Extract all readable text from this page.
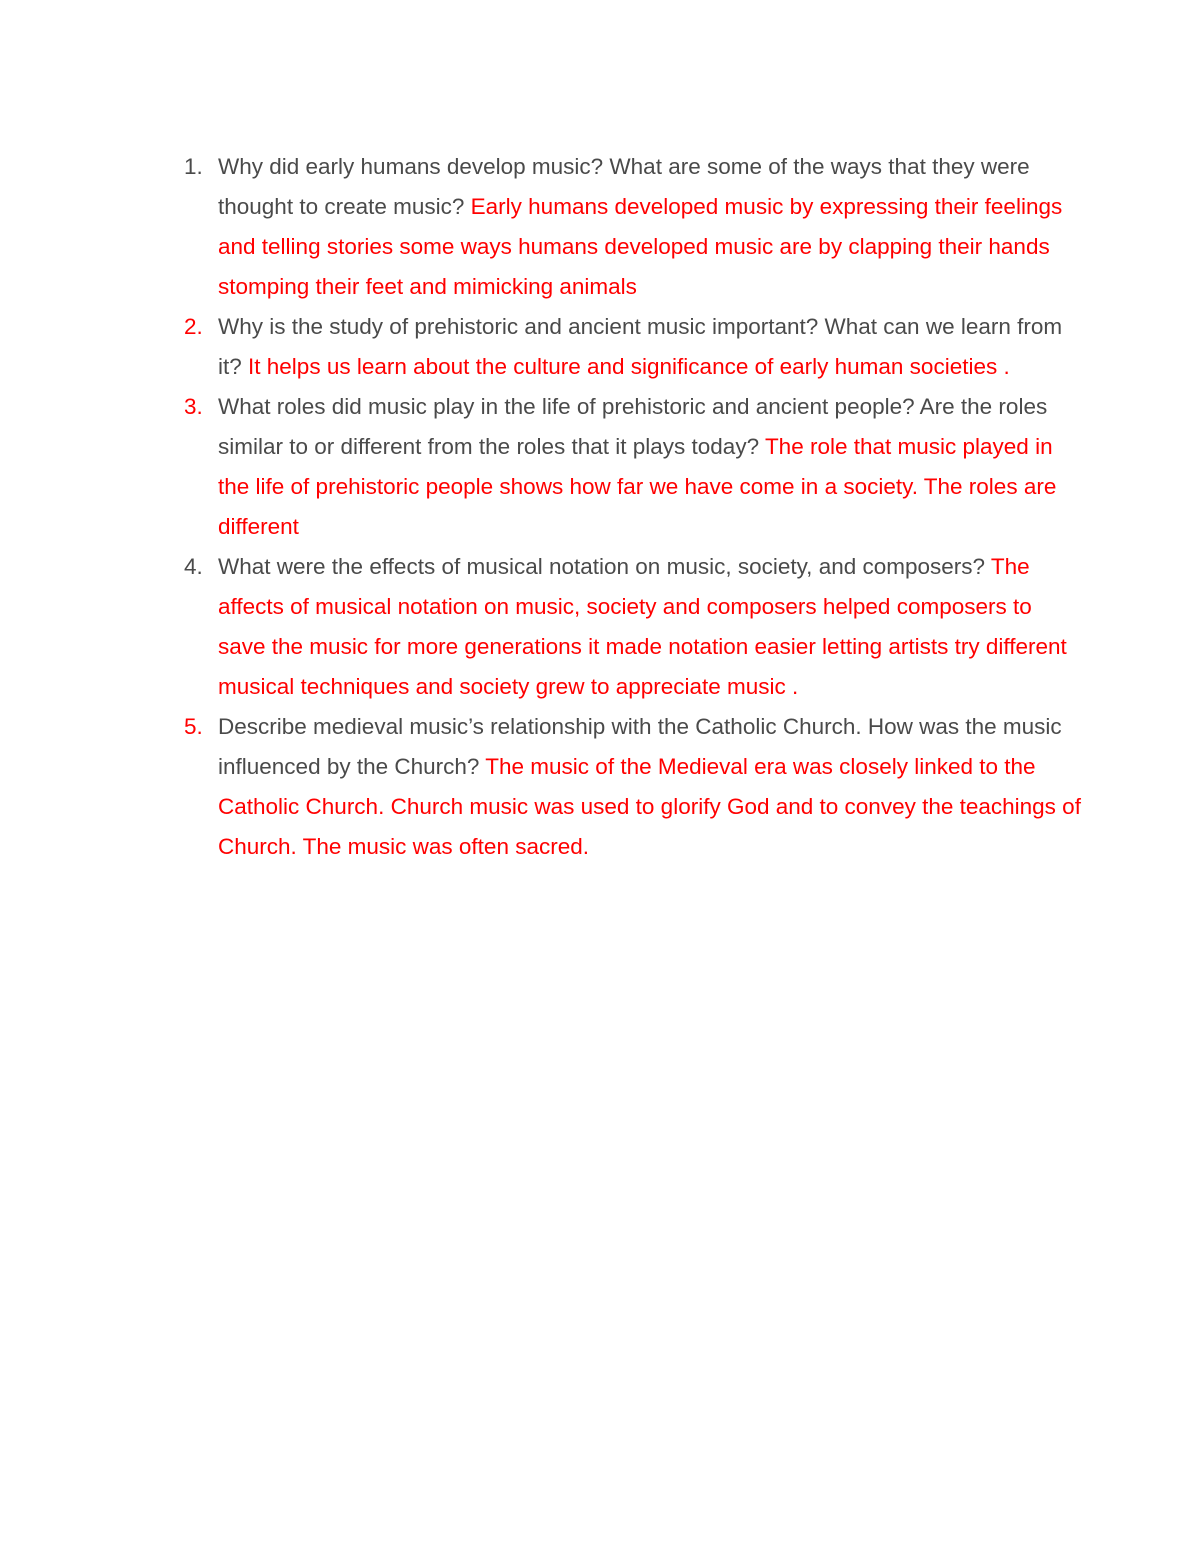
1. Why did early humans develop music? What are some of the ways that they were thought to create music? Early humans developed music by expressing their feelings and telling stories some ways humans developed music are by clapping their hands stomping their feet and mimicking animals
2. Why is the study of prehistoric and ancient music important? What can we learn from it? It helps us learn about the culture and significance of early human societies .
3. What roles did music play in the life of prehistoric and ancient people? Are the roles similar to or different from the roles that it plays today? The role that music played in the life of prehistoric people shows how far we have come in a society. The roles are different
4. What were the effects of musical notation on music, society, and composers? The affects of musical notation on music, society and composers helped composers to save the music for more generations it made notation easier letting artists try different musical techniques and society grew to appreciate music .
5. Describe medieval music’s relationship with the Catholic Church. How was the music influenced by the Church? The music of the Medieval era was closely linked to the Catholic Church. Church music was used to glorify God and to convey the teachings of Church. The music was often sacred.
